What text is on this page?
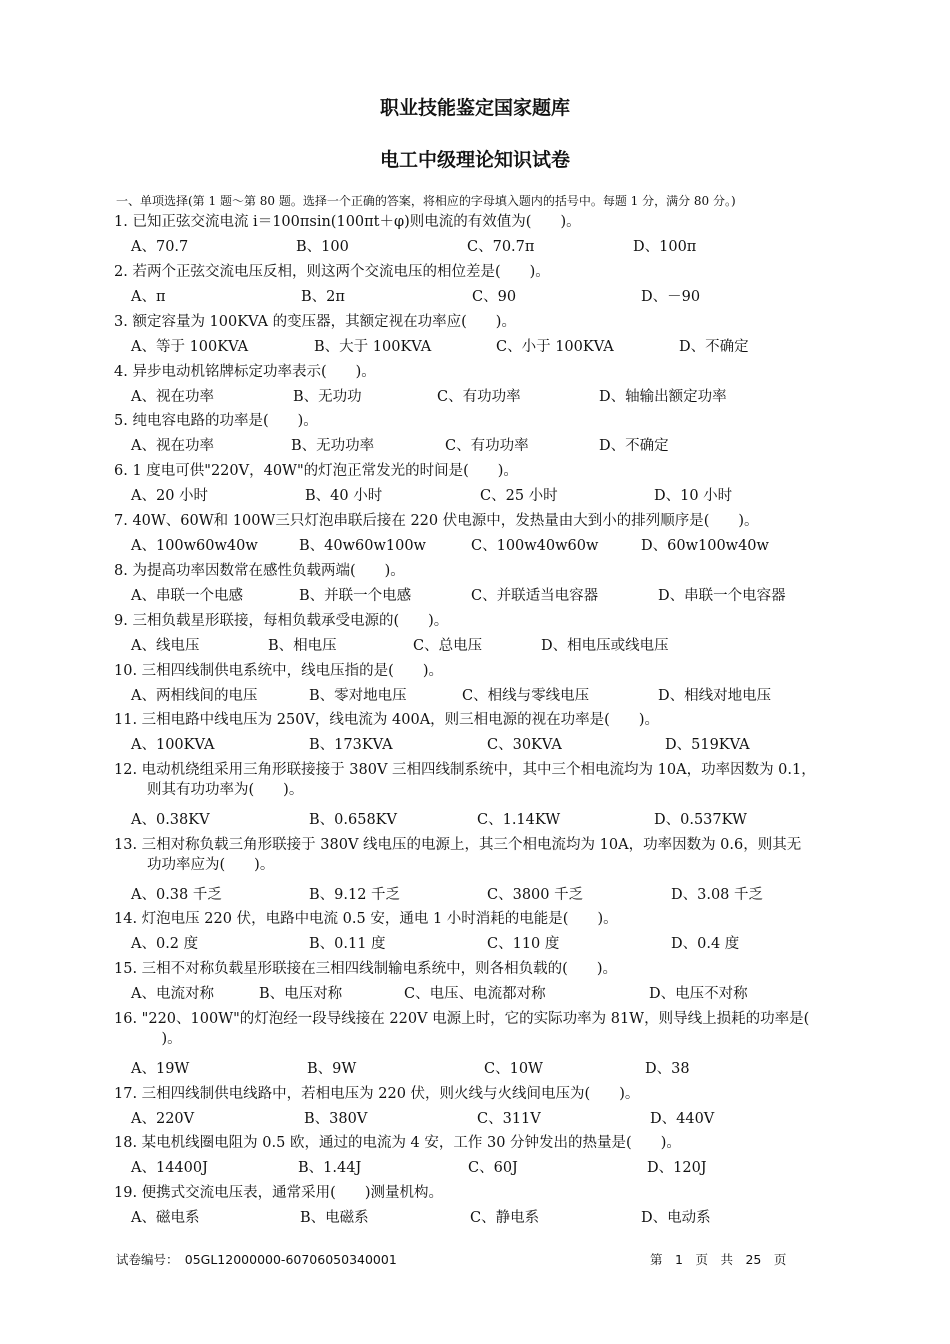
职业技能鉴定国家题库
电工中级理论知识试卷

一、单项选择(第 1 题～第 80 题。选择一个正确的答案，将相应的字母填入题内的括号中。每题 1 分，满分 80 分。)

1. 已知正弦交流电流 i＝100πsin(100πt＋φ)则电流的有效值为(　　)。
A、70.7	B、100	C、70.7π	D、100π
2. 若两个正弦交流电压反相，则这两个交流电压的相位差是(　　)。
A、π	B、2π	C、90	D、－90
3. 额定容量为 100KVA 的变压器，其额定视在功率应(　　)。
A、等于 100KVA	B、大于 100KVA	C、小于 100KVA	D、不确定
4. 异步电动机铭牌标定功率表示(　　)。
A、视在功率	B、无功功	C、有功功率	D、轴输出额定功率
5. 纯电容电路的功率是(　　)。
A、视在功率	B、无功功率	C、有功功率	D、不确定
6. 1 度电可供"220V，40W"的灯泡正常发光的时间是(　　)。
A、20 小时	B、40 小时	C、25 小时	D、10 小时
7. 40W、60W和 100W三只灯泡串联后接在 220 伏电源中，发热量由大到小的排列顺序是(　　)。
A、100w60w40w	B、40w60w100w	C、100w40w60w	D、60w100w40w
8. 为提高功率因数常在感性负载两端(　　)。
A、串联一个电感	B、并联一个电感	C、并联适当电容器	D、串联一个电容器
9. 三相负载星形联接，每相负载承受电源的(　　)。
A、线电压	B、相电压	C、总电压	D、相电压或线电压
10. 三相四线制供电系统中，线电压指的是(　　)。
A、两相线间的电压	B、零对地电压	C、相线与零线电压	D、相线对地电压
11. 三相电路中线电压为 250V，线电流为 400A，则三相电源的视在功率是(　　)。
A、100KVA	B、173KVA	C、30KVA	D、519KVA
12. 电动机绕组采用三角形联接接于 380V 三相四线制系统中，其中三个相电流均为 10A，功率因数为 0.1，
则其有功功率为(　　)。
A、0.38KV	B、0.658KV	C、1.14KW	D、0.537KW
13. 三相对称负载三角形联接于 380V 线电压的电源上，其三个相电流均为 10A，功率因数为 0.6，则其无
功功率应为(　　)。
A、0.38 千乏	B、9.12 千乏	C、3800 千乏	D、3.08 千乏
14. 灯泡电压 220 伏，电路中电流 0.5 安，通电 1 小时消耗的电能是(　　)。
A、0.2 度	B、0.11 度	C、110 度	D、0.4 度
15. 三相不对称负载星形联接在三相四线制输电系统中，则各相负载的(　　)。
A、电流对称	B、电压对称	C、电压、电流都对称	D、电压不对称
16. "220、100W"的灯泡经一段导线接在 220V 电源上时，它的实际功率为 81W，则导线上损耗的功率是(
　)。
A、19W	B、9W	C、10W	D、38
17. 三相四线制供电线路中，若相电压为 220 伏，则火线与火线间电压为(　　)。
A、220V	B、380V	C、311V	D、440V
18. 某电机线圈电阻为 0.5 欧，通过的电流为 4 安，工作 30 分钟发出的热量是(　　)。
A、14400J	B、1.44J	C、60J	D、120J
19. 便携式交流电压表，通常采用(　　)测量机构。
A、磁电系	B、电磁系	C、静电系	D、电动系
试卷编号：　05GL12000000-60706050340001	第　1　页　共　25　页
